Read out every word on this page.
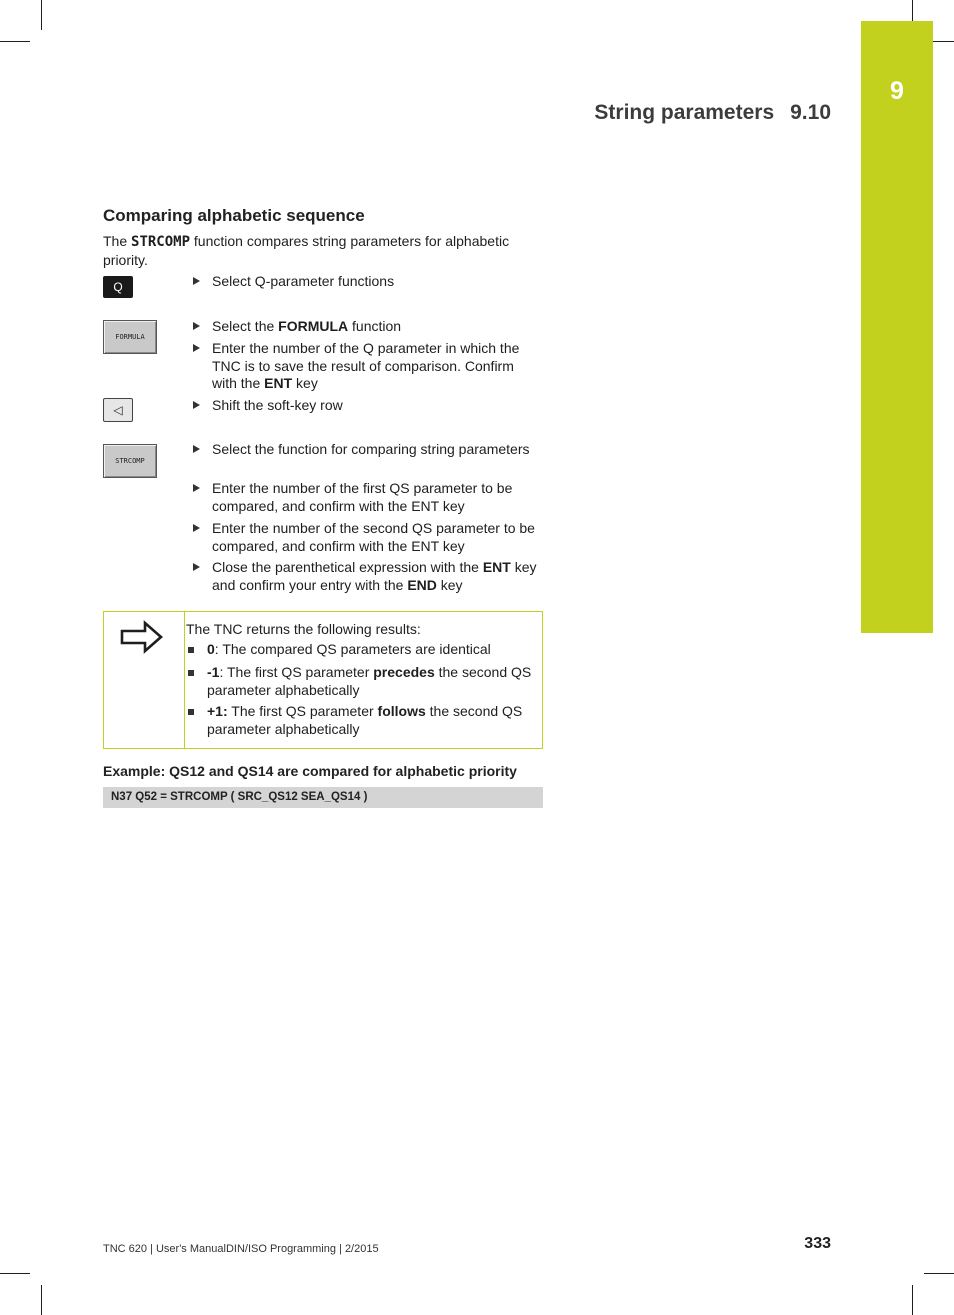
9
String parameters 9.10
Comparing alphabetic sequence
The STRCOMP function compares string parameters for alphabetic priority.
Q
FORMULA
◁
STRCOMP
Select Q-parameter functions
Select the FORMULA function
Enter the number of the Q parameter in which the TNC is to save the result of comparison. Confirm with the ENT key
Shift the soft-key row
Select the function for comparing string parameters
Enter the number of the first QS parameter to be compared, and confirm with the ENT key
Enter the number of the second QS parameter to be compared, and confirm with the ENT key
Close the parenthetical expression with the ENT key and confirm your entry with the END key
The TNC returns the following results:
0: The compared QS parameters are identical
-1: The first QS parameter precedes the second QS parameter alphabetically
+1: The first QS parameter follows the second QS parameter alphabetically
Example: QS12 and QS14 are compared for alphabetic priority
N37 Q52 = STRCOMP ( SRC_QS12 SEA_QS14 )
TNC 620 | User's ManualDIN/ISO Programming | 2/2015	333
